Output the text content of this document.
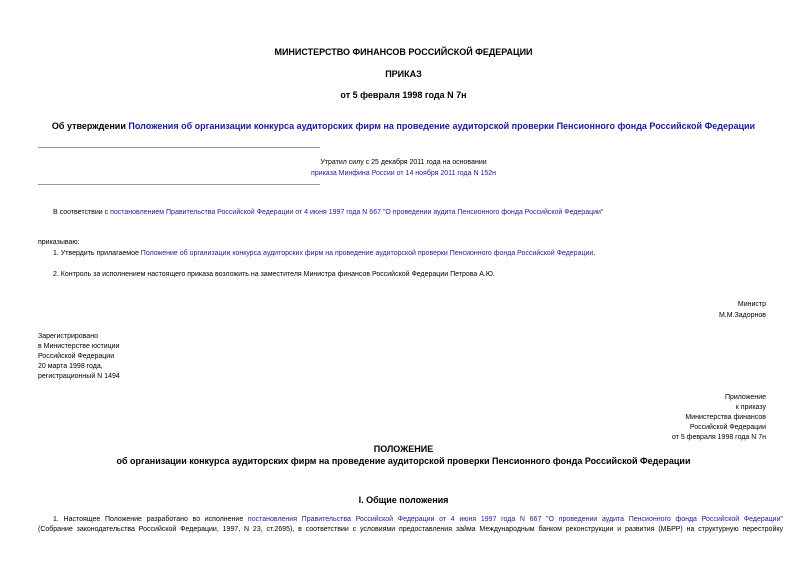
МИНИСТЕРСТВО ФИНАНСОВ РОССИЙСКОЙ ФЕДЕРАЦИИ
ПРИКАЗ
от 5 февраля 1998 года N 7н
Об утверждении Положения об организации конкурса аудиторских фирм на проведение аудиторской проверки Пенсионного фонда Российской Федерации
Утратил силу с 25 декабря 2011 года на основании
приказа Минфина России от 14 ноября 2011 года N 152н
В соответствии с постановлением Правительства Российской Федерации от 4 июня 1997 года N 667 "О проведении аудита Пенсионного фонда Российской Федерации"
приказываю:
1. Утвердить прилагаемое Положение об организации конкурса аудиторских фирм на проведение аудиторской проверки Пенсионного фонда Российской Федерации.
2. Контроль за исполнением настоящего приказа возложить на заместителя Министра финансов Российской Федерации Петрова А.Ю.
Министр
М.М.Задорнов
Зарегистрировано
в Министерстве юстиции
Российской Федерации
20 марта 1998 года,
регистрационный N 1494
Приложение
к приказу
Министерства финансов
Российской Федерации
от 5 февраля 1998 года N 7н
ПОЛОЖЕНИЕ
об организации конкурса аудиторских фирм на проведение аудиторской проверки Пенсионного фонда Российской Федерации
I. Общие положения
1. Настоящее Положение разработано во исполнение постановления Правительства Российской Федерации от 4 июня 1997 года N 667 "О проведении аудита Пенсионного фонда Российской Федерации"
(Собрание законодательства Российской Федерации, 1997, N 23, ст.2695), в соответствии с условиями предоставления займа Международным банком реконструкции и развития (МБРР) на структурную перестройку
